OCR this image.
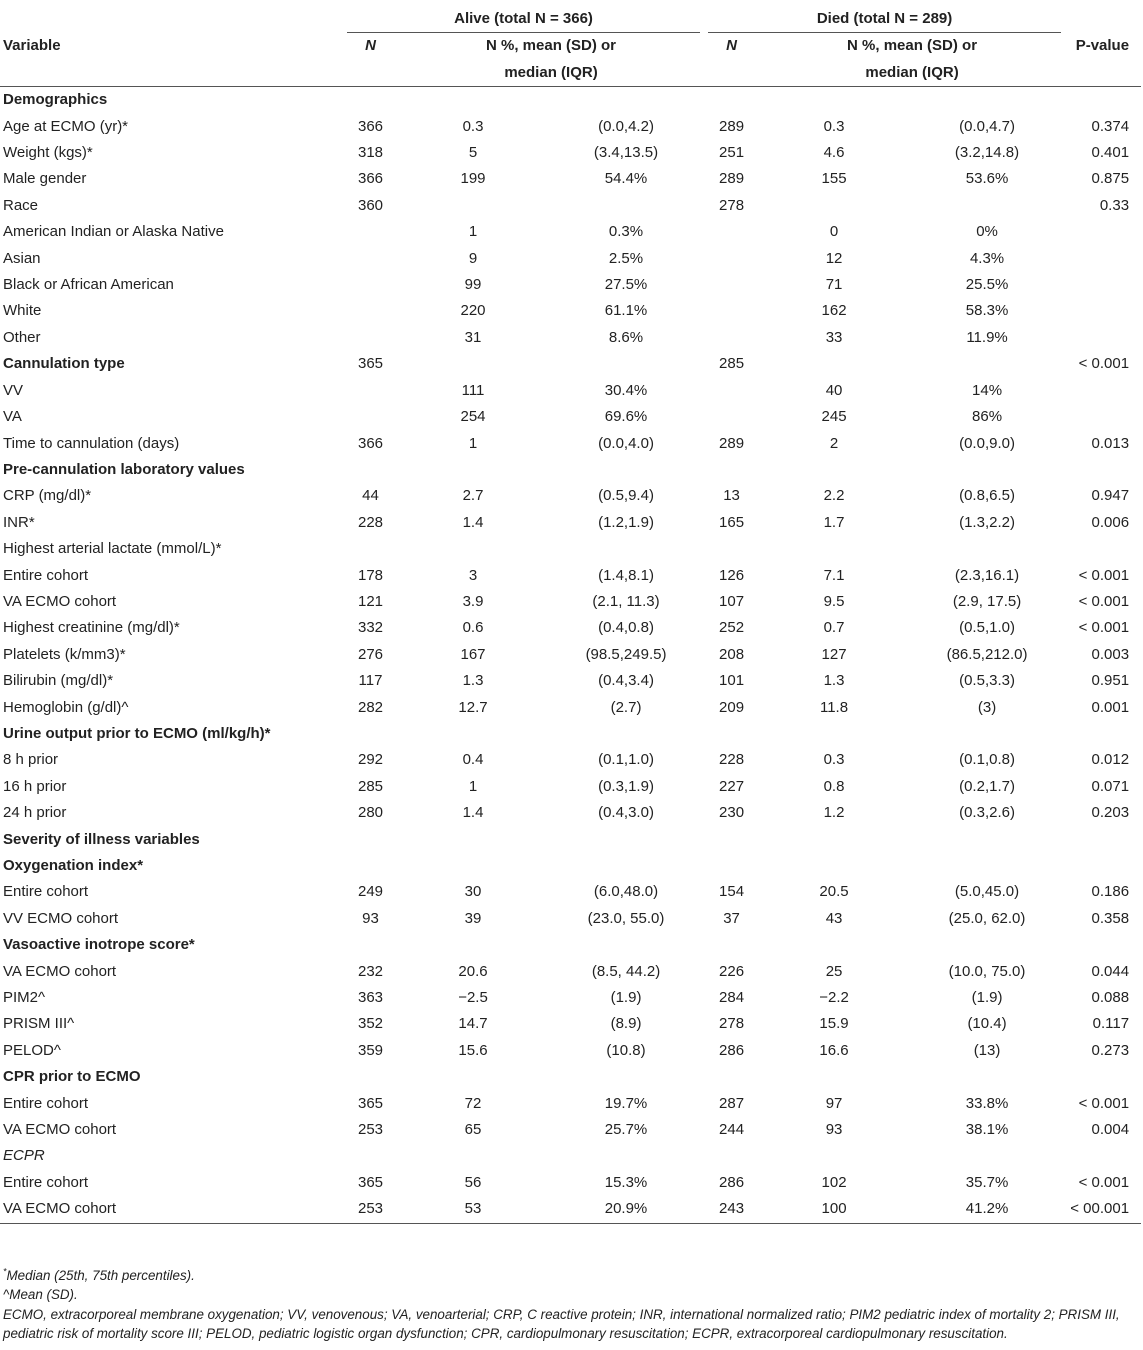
	Alive (total N = 366)			Died (total N = 289)			

Variable	N	N %, mean (SD) or		N	N %, mean (SD) or		P-value
		median (IQR)			median (IQR)		
Demographics							
Age at ECMO (yr)*	366	0.3	(0.0,4.2)	289	0.3	(0.0,4.7)	0.374
Weight (kgs)*	318	5	(3.4,13.5)	251	4.6	(3.2,14.8)	0.401
Male gender	366	199	54.4%	289	155	53.6%	0.875
Race	360			278			0.33
American Indian or Alaska Native		1	0.3%		0	0%	
Asian		9	2.5%		12	4.3%	
Black or African American		99	27.5%		71	25.5%	
White		220	61.1%		162	58.3%	
Other		31	8.6%		33	11.9%	
Cannulation type	365			285			< 0.001
VV		111	30.4%		40	14%	
VA		254	69.6%		245	86%	
Time to cannulation (days)	366	1	(0.0,4.0)	289	2	(0.0,9.0)	0.013
Pre-cannulation laboratory values							
CRP (mg/dl)*	44	2.7	(0.5,9.4)	13	2.2	(0.8,6.5)	0.947
INR*	228	1.4	(1.2,1.9)	165	1.7	(1.3,2.2)	0.006
Highest arterial lactate (mmol/L)*							
Entire cohort	178	3	(1.4,8.1)	126	7.1	(2.3,16.1)	< 0.001
VA ECMO cohort	121	3.9	(2.1, 11.3)	107	9.5	(2.9, 17.5)	< 0.001
Highest creatinine (mg/dl)*	332	0.6	(0.4,0.8)	252	0.7	(0.5,1.0)	< 0.001
Platelets (k/mm3)*	276	167	(98.5,249.5)	208	127	(86.5,212.0)	0.003
Bilirubin (mg/dl)*	117	1.3	(0.4,3.4)	101	1.3	(0.5,3.3)	0.951
Hemoglobin (g/dl)^	282	12.7	(2.7)	209	11.8	(3)	0.001
Urine output prior to ECMO (ml/kg/h)*							
8 h prior	292	0.4	(0.1,1.0)	228	0.3	(0.1,0.8)	0.012
16 h prior	285	1	(0.3,1.9)	227	0.8	(0.2,1.7)	0.071
24 h prior	280	1.4	(0.4,3.0)	230	1.2	(0.3,2.6)	0.203
Severity of illness variables							
Oxygenation index*							
Entire cohort	249	30	(6.0,48.0)	154	20.5	(5.0,45.0)	0.186
VV ECMO cohort	93	39	(23.0, 55.0)	37	43	(25.0, 62.0)	0.358
Vasoactive inotrope score*							
VA ECMO cohort	232	20.6	(8.5, 44.2)	226	25	(10.0, 75.0)	0.044
PIM2^	363	−2.5	(1.9)	284	−2.2	(1.9)	0.088
PRISM III^	352	14.7	(8.9)	278	15.9	(10.4)	0.117
PELOD^	359	15.6	(10.8)	286	16.6	(13)	0.273
CPR prior to ECMO							
Entire cohort	365	72	19.7%	287	97	33.8%	< 0.001
VA ECMO cohort	253	65	25.7%	244	93	38.1%	0.004
ECPR							
Entire cohort	365	56	15.3%	286	102	35.7%	< 0.001
VA ECMO cohort	253	53	20.9%	243	100	41.2%	< 00.001

*Median (25th, 75th percentiles).

^Mean (SD).

ECMO, extracorporeal membrane oxygenation; VV, venovenous; VA, venoarterial; CRP, C reactive protein; INR, international normalized ratio; PIM2 pediatric index of mortality 2; PRISM III, pediatric risk of mortality score III; PELOD, pediatric logistic organ dysfunction; CPR, cardiopulmonary resuscitation; ECPR, extracorporeal cardiopulmonary resuscitation.
